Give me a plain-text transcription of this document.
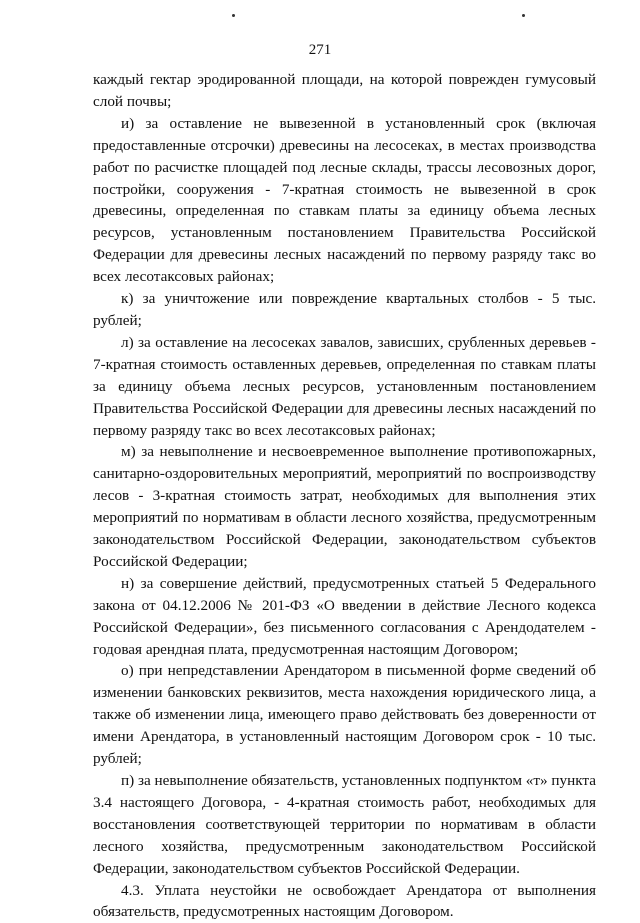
271

каждый гектар эродированной площади, на которой поврежден гумусовый слой почвы;

и) за оставление не вывезенной в установленный срок (включая предоставленные отсрочки) древесины на лесосеках, в местах производства работ по расчистке площадей под лесные склады, трассы лесовозных дорог, постройки, сооружения - 7-кратная стоимость не вывезенной в срок древесины, определенная по ставкам платы за единицу объема лесных ресурсов, установленным постановлением Правительства Российской Федерации для древесины лесных насаждений по первому разряду такс во всех лесотаксовых районах;

к) за уничтожение или повреждение квартальных столбов - 5 тыс. рублей;

л) за оставление на лесосеках завалов, зависших, срубленных деревьев - 7-кратная стоимость оставленных деревьев, определенная по ставкам платы за единицу объема лесных ресурсов, установленным постановлением Правительства Российской Федерации для древесины лесных насаждений по первому разряду такс во всех лесотаксовых районах;

м) за невыполнение и несвоевременное выполнение противопожарных, санитарно-оздоровительных мероприятий, мероприятий по воспроизводству лесов - 3-кратная стоимость затрат, необходимых для выполнения этих мероприятий по нормативам в области лесного хозяйства, предусмотренным законодательством Российской Федерации, законодательством субъектов Российской Федерации;

н) за совершение действий, предусмотренных статьей 5 Федерального закона от 04.12.2006 № 201-ФЗ «О введении в действие Лесного кодекса Российской Федерации», без письменного согласования с Арендодателем - годовая арендная плата, предусмотренная настоящим Договором;

о) при непредставлении Арендатором в письменной форме сведений об изменении банковских реквизитов, места нахождения юридического лица, а также об изменении лица, имеющего право действовать без доверенности от имени Арендатора, в установленный настоящим Договором срок - 10 тыс. рублей;

п) за невыполнение обязательств, установленных подпунктом «т» пункта 3.4 настоящего Договора, - 4-кратная стоимость работ, необходимых для восстановления соответствующей территории по нормативам в области лесного хозяйства, предусмотренным законодательством Российской Федерации, законодательством субъектов Российской Федерации.

4.3. Уплата неустойки не освобождает Арендатора от выполнения обязательств, предусмотренных настоящим Договором.
